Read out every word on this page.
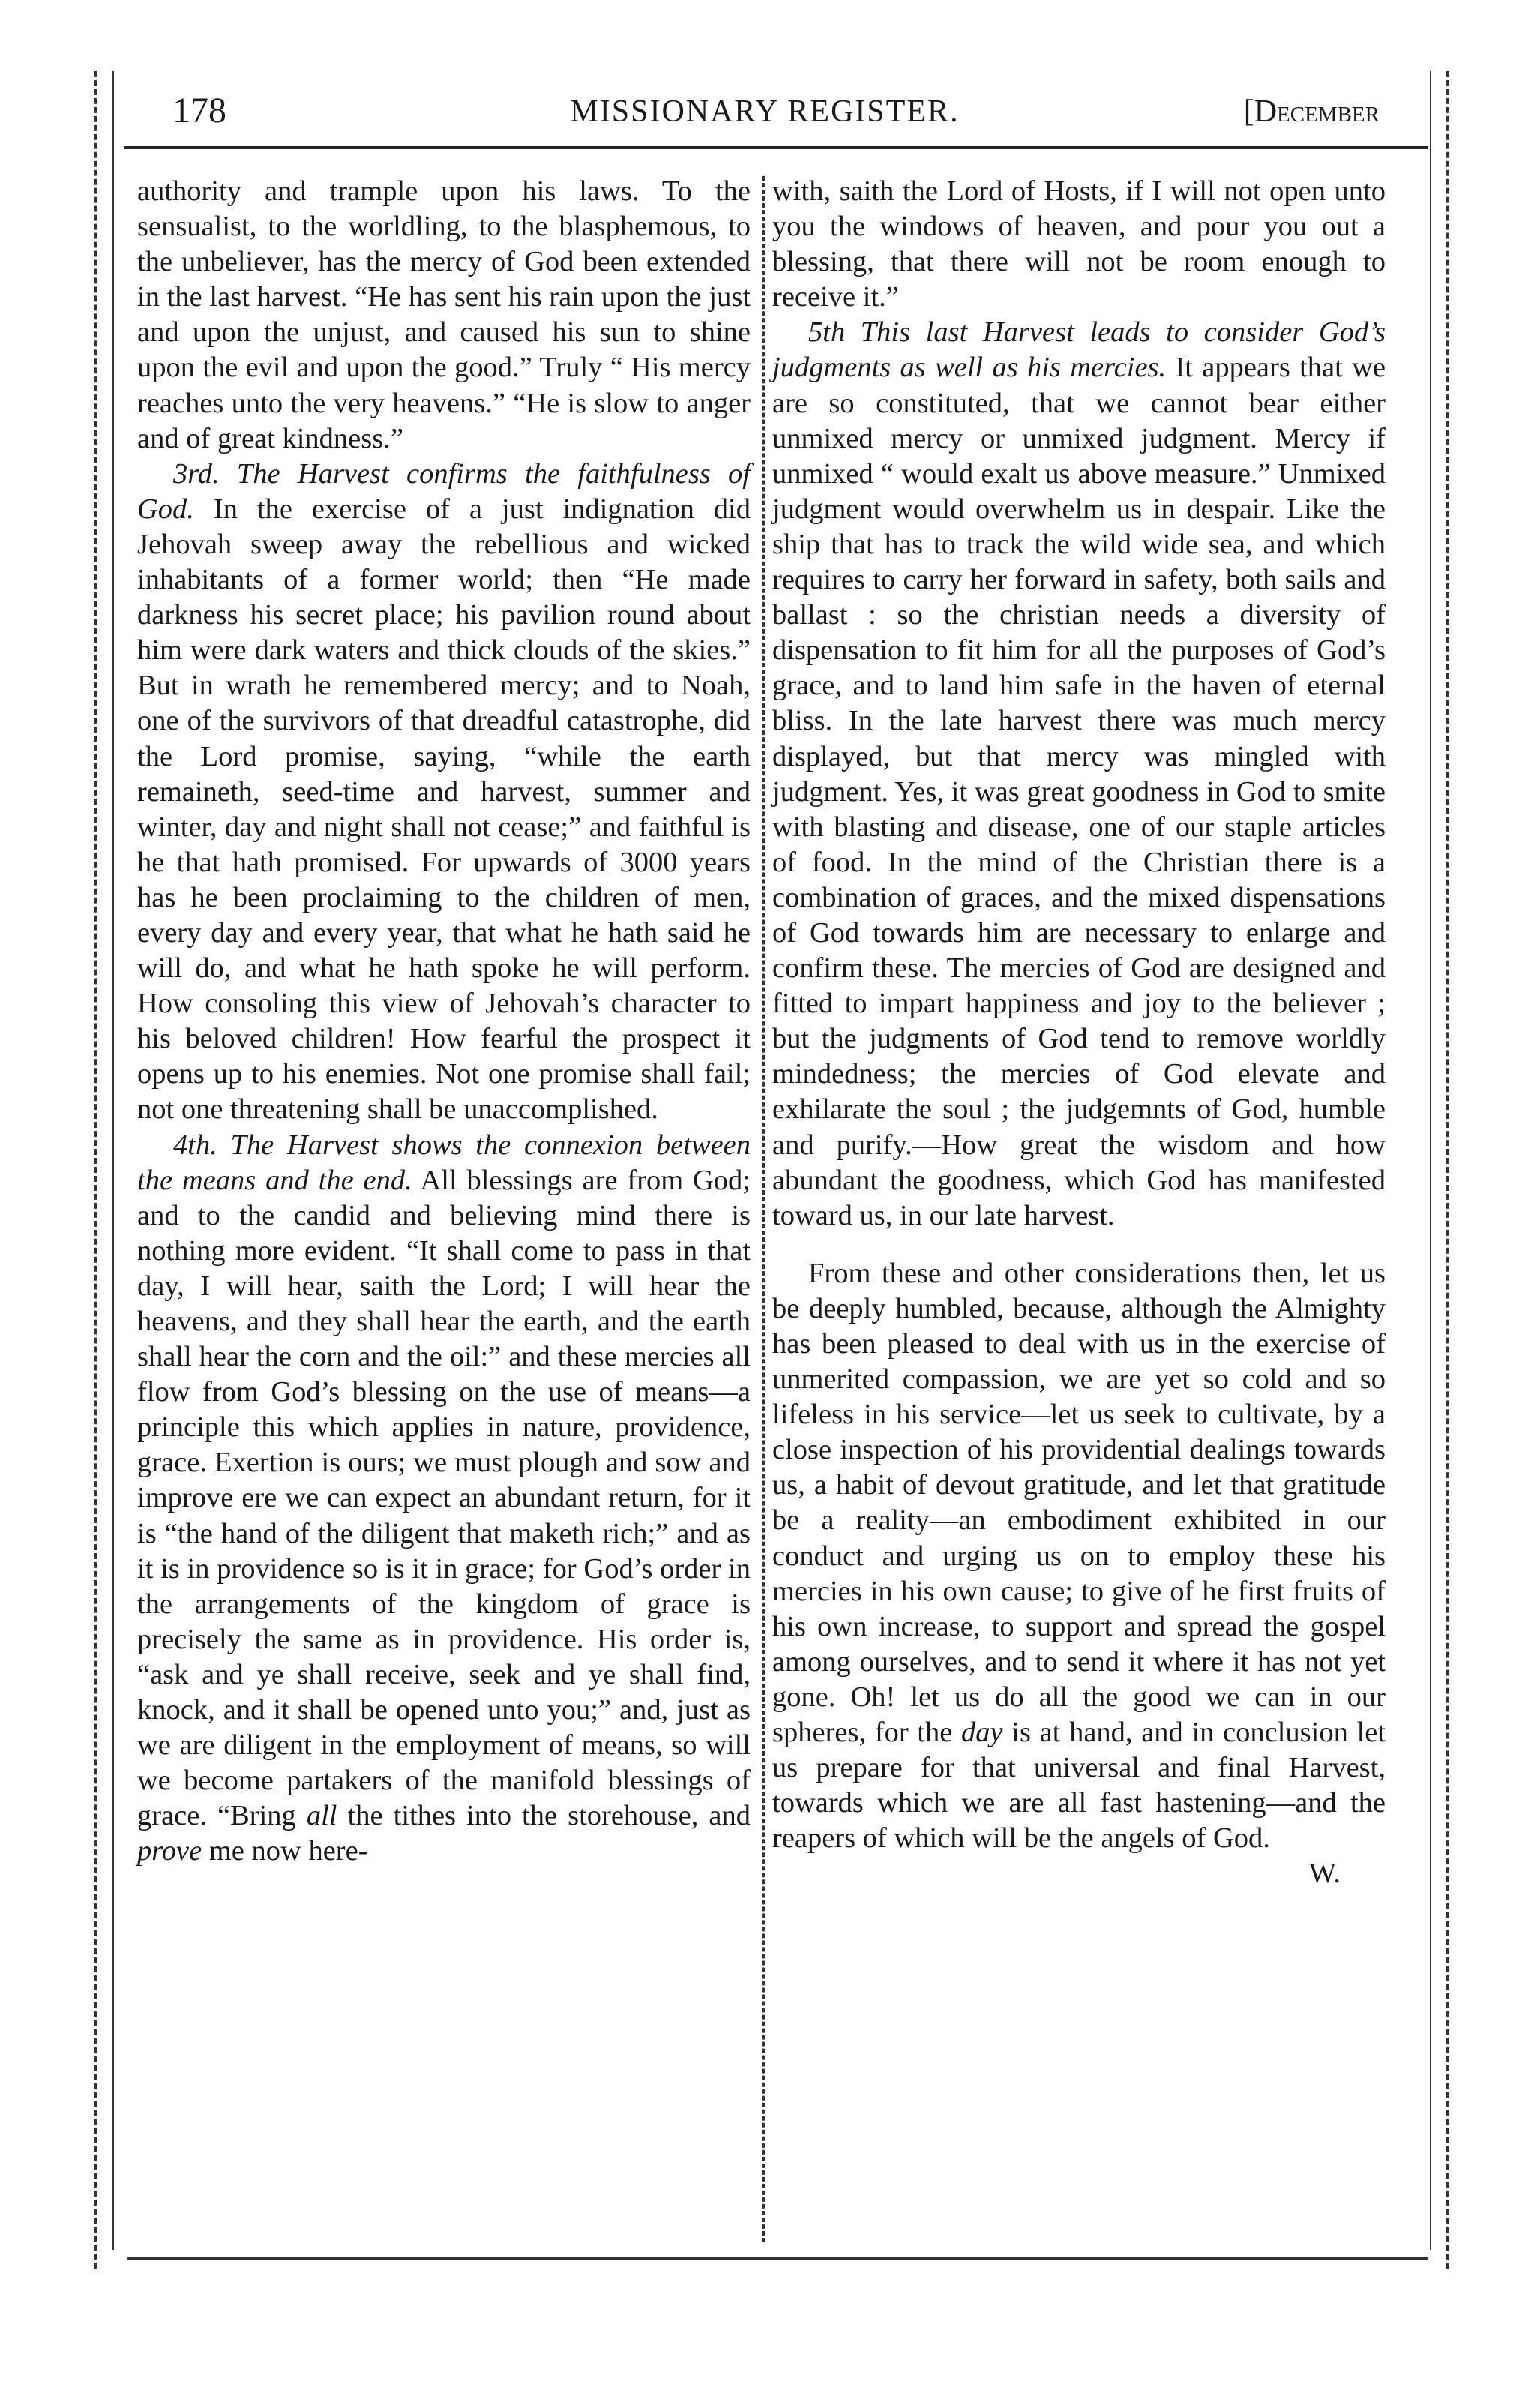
178	MISSIONARY REGISTER.	[December

authority and trample upon his laws. To the sensualist, to the worldling, to the blasphemous, to the unbeliever, has the mercy of God been extended in the last harvest. “He has sent his rain upon the just and upon the unjust, and caused his sun to shine upon the evil and upon the good.” Truly “ His mercy reaches unto the very heavens.” “He is slow to anger and of great kindness.”

3rd. The Harvest confirms the faithfulness of God. In the exercise of a just indignation did Jehovah sweep away the rebellious and wicked inhabitants of a former world; then “He made darkness his secret place; his pavilion round about him were dark waters and thick clouds of the skies.” But in wrath he remembered mercy; and to Noah, one of the survivors of that dreadful catastrophe, did the Lord promise, saying, “while the earth remaineth, seed-time and harvest, summer and winter, day and night shall not cease;” and faithful is he that hath promised. For upwards of 3000 years has he been proclaiming to the children of men, every day and every year, that what he hath said he will do, and what he hath spoke he will perform. How consoling this view of Jehovah’s character to his beloved children! How fearful the prospect it opens up to his enemies. Not one promise shall fail; not one threatening shall be unaccomplished.

4th. The Harvest shows the connexion between the means and the end. All blessings are from God; and to the candid and believing mind there is nothing more evident. “It shall come to pass in that day, I will hear, saith the Lord; I will hear the heavens, and they shall hear the earth, and the earth shall hear the corn and the oil:” and these mercies all flow from God’s blessing on the use of means—a principle this which applies in nature, providence, grace. Exertion is ours; we must plough and sow and improve ere we can expect an abundant return, for it is “the hand of the diligent that maketh rich;” and as it is in providence so is it in grace; for God’s order in the arrangements of the kingdom of grace is precisely the same as in providence. His order is, “ask and ye shall receive, seek and ye shall find, knock, and it shall be opened unto you;” and, just as we are diligent in the employment of means, so will we become partakers of the manifold blessings of grace. “Bring all the tithes into the storehouse, and prove me now here-

with, saith the Lord of Hosts, if I will not open unto you the windows of heaven, and pour you out a blessing, that there will not be room enough to receive it.”

5th This last Harvest leads to consider God’s judgments as well as his mercies. It appears that we are so constituted, that we cannot bear either unmixed mercy or unmixed judgment. Mercy if unmixed “ would exalt us above measure.” Unmixed judgment would overwhelm us in despair. Like the ship that has to track the wild wide sea, and which requires to carry her forward in safety, both sails and ballast : so the christian needs a diversity of dispensation to fit him for all the purposes of God’s grace, and to land him safe in the haven of eternal bliss. In the late harvest there was much mercy displayed, but that mercy was mingled with judgment. Yes, it was great goodness in God to smite with blasting and disease, one of our staple articles of food. In the mind of the Christian there is a combination of graces, and the mixed dispensations of God towards him are necessary to enlarge and confirm these. The mercies of God are designed and fitted to impart happiness and joy to the believer ; but the judgments of God tend to remove worldly mindedness; the mercies of God elevate and exhilarate the soul ; the judgemnts of God, humble and purify.—How great the wisdom and how abundant the goodness, which God has manifested toward us, in our late harvest.

From these and other considerations then, let us be deeply humbled, because, although the Almighty has been pleased to deal with us in the exercise of unmerited compassion, we are yet so cold and so lifeless in his service—let us seek to cultivate, by a close inspection of his providential dealings towards us, a habit of devout gratitude, and let that gratitude be a reality—an embodiment exhibited in our conduct and urging us on to employ these his mercies in his own cause; to give of he first fruits of his own increase, to support and spread the gospel among ourselves, and to send it where it has not yet gone. Oh! let us do all the good we can in our spheres, for the day is at hand, and in conclusion let us prepare for that universal and final Harvest, towards which we are all fast hastening—and the reapers of which will be the angels of God.

W.
